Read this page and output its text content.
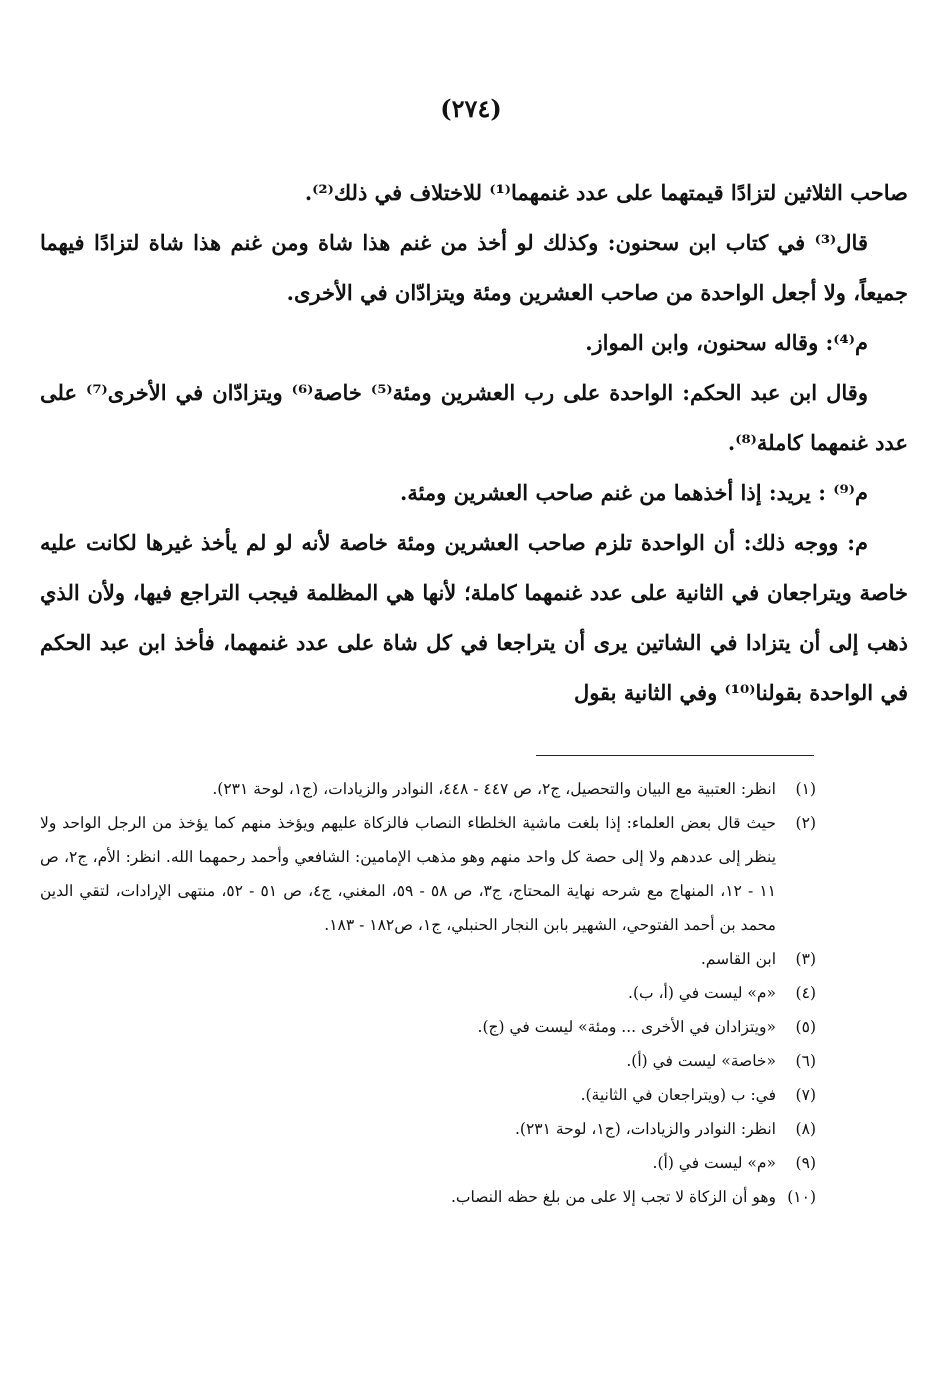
(٢٧٤)

صاحب الثلاثين لتزادًا قيمتهما على عدد غنمهما⁽¹⁾ للاختلاف في ذلك⁽²⁾.

قال⁽³⁾ في كتاب ابن سحنون: وكذلك لو أخذ من غنم هذا شاة ومن غنم هذا شاة لتزادًا فيهما جميعاً، ولا أجعل الواحدة من صاحب العشرين ومئة ويتزادّان في الأخرى.

م⁽⁴⁾: وقاله سحنون، وابن المواز.

وقال ابن عبد الحكم: الواحدة على رب العشرين ومئة⁽⁵⁾ خاصة⁽⁶⁾ ويتزادّان في الأخرى⁽⁷⁾ على عدد غنمهما كاملة⁽⁸⁾.

م⁽⁹⁾ : يريد: إذا أخذهما من غنم صاحب العشرين ومئة.

م: ووجه ذلك: أن الواحدة تلزم صاحب العشرين ومئة خاصة لأنه لو لم يأخذ غيرها لكانت عليه خاصة ويتراجعان في الثانية على عدد غنمهما كاملة؛ لأنها هي المظلمة فيجب التراجع فيها، ولأن الذي ذهب إلى أن يتزادا في الشاتين يرى أن يتراجعا في كل شاة على عدد غنمهما، فأخذ ابن عبد الحكم في الواحدة بقولنا⁽¹⁰⁾ وفي الثانية بقول

(١)
انظر: العتبية مع البيان والتحصيل، ج٢، ص ٤٤٧ - ٤٤٨، النوادر والزيادات، (ج١، لوحة ٢٣١).
(٢)
حيث قال بعض العلماء: إذا بلغت ماشية الخلطاء النصاب فالزكاة عليهم ويؤخذ منهم كما يؤخذ من الرجل الواحد ولا ينظر إلى عددهم ولا إلى حصة كل واحد منهم وهو مذهب الإمامين: الشافعي وأحمد رحمهما الله. انظر: الأم، ج٢، ص ١١ - ١٢، المنهاج مع شرحه نهاية المحتاج، ج٣، ص ٥٨ - ٥٩، المغني، ج٤، ص ٥١ - ٥٢، منتهى الإرادات، لتقي الدين محمد بن أحمد الفتوحي، الشهير بابن النجار الحنبلي، ج١، ص١٨٢ - ١٨٣.
(٣)
ابن القاسم.
(٤)
«م» ليست في (أ، ب).
(٥)
«ويتزادان في الأخرى ... ومئة» ليست في (ج).
(٦)
«خاصة» ليست في (أ).
(٧)
في: ب (ويتراجعان في الثانية).
(٨)
انظر: النوادر والزيادات، (ج١، لوحة ٢٣١).
(٩)
«م» ليست في (أ).
(١٠)
وهو أن الزكاة لا تجب إلا على من بلغ حظه النصاب.
